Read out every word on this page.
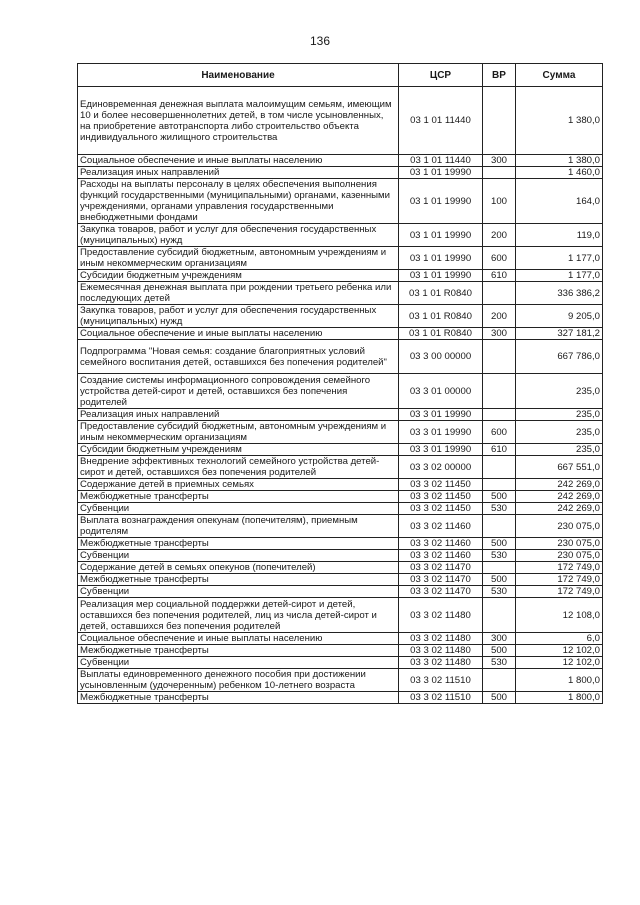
136
Наименование	ЦСР	ВР	Сумма
Единовременная денежная выплата малоимущим семьям, имеющим 10 и более несовершеннолетних детей, в том числе усыновленных, на приобретение автотранспорта либо строительство объекта индивидуального жилищного строительства	03 1 01 11440		1 380,0
Социальное обеспечение и иные выплаты населению	03 1 01 11440	300	1 380,0
Реализация иных направлений	03 1 01 19990		1 460,0
Расходы на выплаты персоналу в целях обеспечения выполнения функций государственными (муниципальными) органами, казенными учреждениями, органами управления государственными внебюджетными фондами	03 1 01 19990	100	164,0
Закупка товаров, работ и услуг для обеспечения государственных (муниципальных) нужд	03 1 01 19990	200	119,0
Предоставление субсидий бюджетным, автономным учреждениям и иным некоммерческим организациям	03 1 01 19990	600	1 177,0
Субсидии бюджетным учреждениям	03 1 01 19990	610	1 177,0
Ежемесячная денежная выплата при рождении третьего ребенка или последующих детей	03 1 01 R0840		336 386,2
Закупка товаров, работ и услуг для обеспечения государственных (муниципальных) нужд	03 1 01 R0840	200	9 205,0
Социальное обеспечение и иные выплаты населению	03 1 01 R0840	300	327 181,2
Подпрограмма "Новая семья: создание благоприятных условий семейного воспитания детей, оставшихся без попечения родителей"	03 3 00 00000		667 786,0
Создание системы информационного сопровождения семейного устройства детей-сирот и детей, оставшихся без попечения родителей	03 3 01 00000		235,0
Реализация иных направлений	03 3 01 19990		235,0
Предоставление субсидий бюджетным, автономным учреждениям и иным некоммерческим организациям	03 3 01 19990	600	235,0
Субсидии бюджетным учреждениям	03 3 01 19990	610	235,0
Внедрение эффективных технологий семейного устройства детей-сирот и детей, оставшихся без попечения родителей	03 3 02 00000		667 551,0
Содержание детей в приемных семьях	03 3 02 11450		242 269,0
Межбюджетные трансферты	03 3 02 11450	500	242 269,0
Субвенции	03 3 02 11450	530	242 269,0
Выплата вознаграждения опекунам (попечителям), приемным родителям	03 3 02 11460		230 075,0
Межбюджетные трансферты	03 3 02 11460	500	230 075,0
Субвенции	03 3 02 11460	530	230 075,0
Содержание детей в семьях опекунов (попечителей)	03 3 02 11470		172 749,0
Межбюджетные трансферты	03 3 02 11470	500	172 749,0
Субвенции	03 3 02 11470	530	172 749,0
Реализация мер социальной поддержки детей-сирот и детей, оставшихся без попечения родителей, лиц из числа детей-сирот и детей, оставшихся без попечения родителей	03 3 02 11480		12 108,0
Социальное обеспечение и иные выплаты населению	03 3 02 11480	300	6,0
Межбюджетные трансферты	03 3 02 11480	500	12 102,0
Субвенции	03 3 02 11480	530	12 102,0
Выплаты единовременного денежного пособия при достижении усыновленным (удочеренным) ребенком 10-летнего возраста	03 3 02 11510		1 800,0
Межбюджетные трансферты	03 3 02 11510	500	1 800,0
